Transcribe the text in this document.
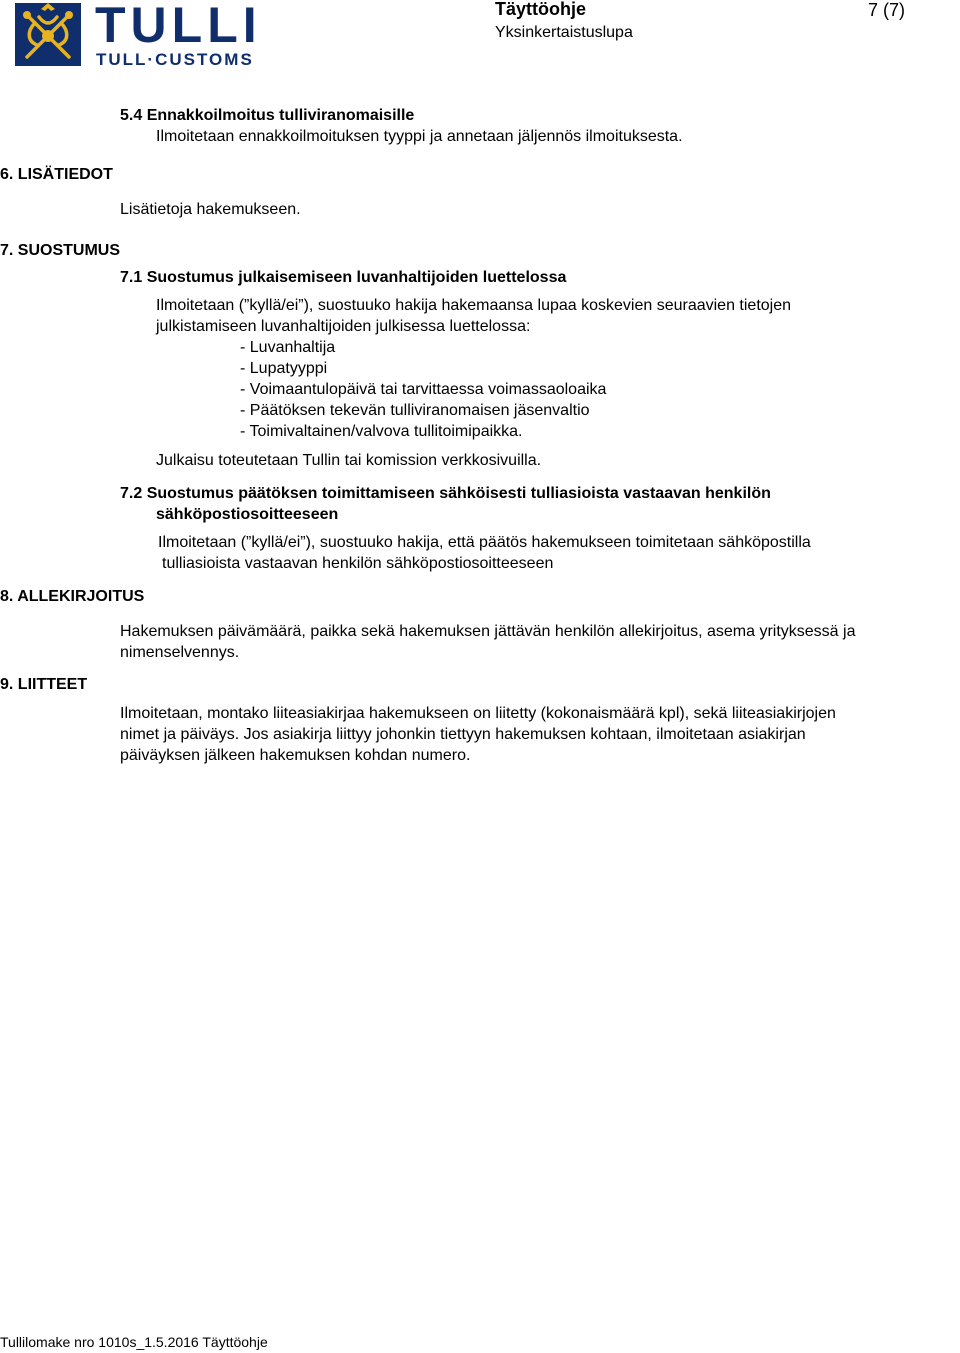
TULLI
TULL·CUSTOMS
Täyttöohje
Yksinkertaistuslupa
7 (7)
5.4 Ennakkoilmoitus tulliviranomaisille
Ilmoitetaan ennakkoilmoituksen tyyppi ja annetaan jäljennös ilmoituksesta.
6. LISÄTIEDOT
Lisätietoja hakemukseen.
7. SUOSTUMUS
7.1 Suostumus julkaisemiseen luvanhaltijoiden luettelossa
Ilmoitetaan (”kyllä/ei”), suostuuko hakija hakemaansa lupaa koskevien seuraavien tietojen
julkistamiseen luvanhaltijoiden julkisessa luettelossa:
- Luvanhaltija
- Lupatyyppi
- Voimaantulopäivä tai tarvittaessa voimassaoloaika
- Päätöksen tekevän tulliviranomaisen jäsenvaltio
- Toimivaltainen/valvova tullitoimipaikka.
Julkaisu toteutetaan Tullin tai komission verkkosivuilla.
7.2 Suostumus päätöksen toimittamiseen sähköisesti tulliasioista vastaavan henkilön
sähköpostiosoitteeseen
Ilmoitetaan (”kyllä/ei”), suostuuko hakija, että päätös hakemukseen toimitetaan sähköpostilla
tulliasioista vastaavan henkilön sähköpostiosoitteeseen
8. ALLEKIRJOITUS
Hakemuksen päivämäärä, paikka sekä hakemuksen jättävän henkilön allekirjoitus, asema yrityksessä ja
nimenselvennys.
9. LIITTEET
Ilmoitetaan, montako liiteasiakirjaa hakemukseen on liitetty (kokonaismäärä kpl), sekä liiteasiakirjojen
nimet ja päiväys. Jos asiakirja liittyy johonkin tiettyyn hakemuksen kohtaan, ilmoitetaan asiakirjan
päiväyksen jälkeen hakemuksen kohdan numero.
Tullilomake nro 1010s_1.5.2016 Täyttöohje
